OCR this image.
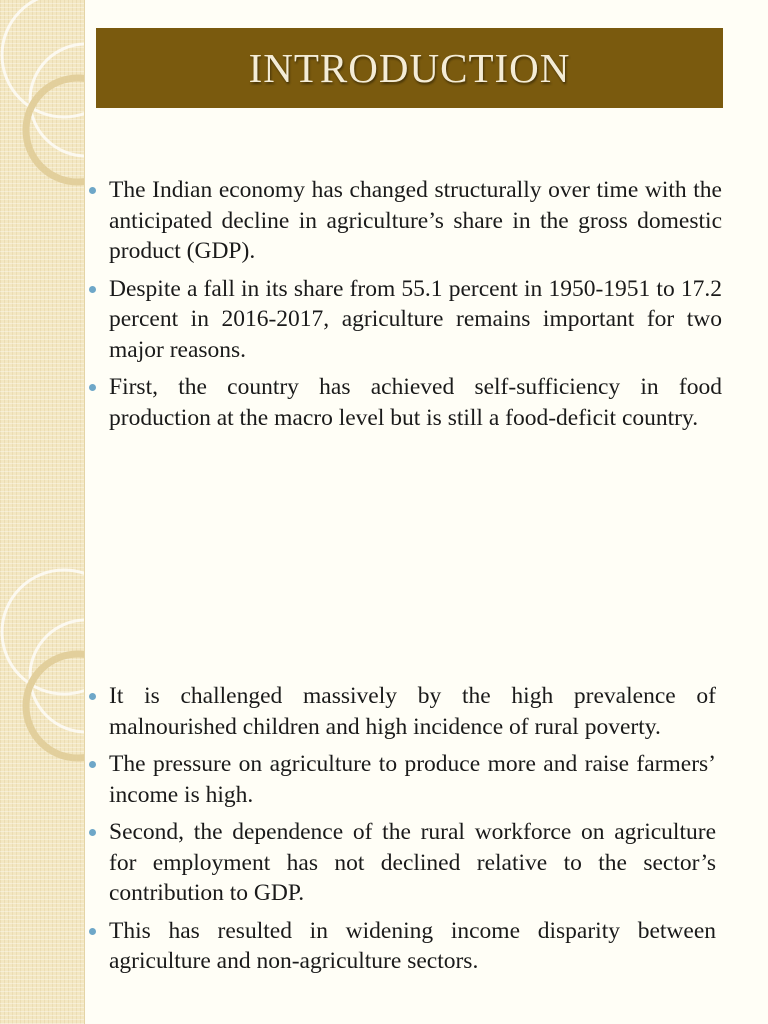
INTRODUCTION
The Indian economy has changed structurally over time with the anticipated decline in agriculture’s share in the gross domestic product (GDP).
Despite a fall in its share from 55.1 percent in 1950-1951 to 17.2 percent in 2016-2017, agriculture remains important for two major reasons.
First, the country has achieved self-sufficiency in food production at the macro level but is still a food-deficit country.
It is challenged massively by the high prevalence of malnourished children and high incidence of rural poverty.
The pressure on agriculture to produce more and raise farmers’ income is high.
Second, the dependence of the rural workforce on agriculture for employment has not declined relative to the sector’s contribution to GDP.
This has resulted in widening income disparity between agriculture and non-agriculture sectors.
